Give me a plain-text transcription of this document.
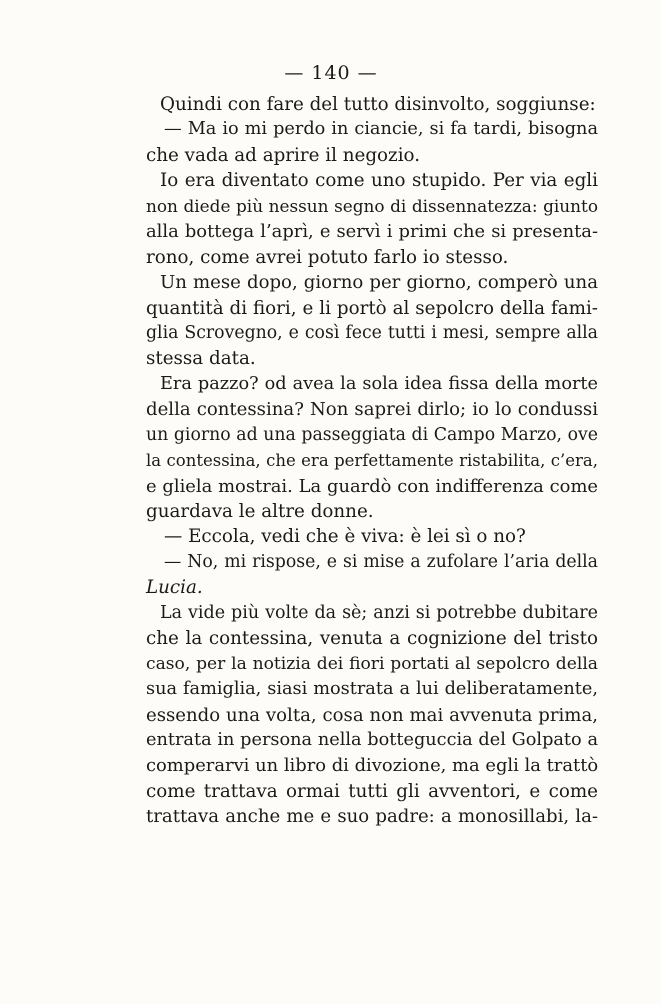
— 140 —
Quindi con fare del tutto disinvolto, soggiunse:
— Ma io mi perdo in ciancie, si fa tardi, bisogna
che vada ad aprire il negozio.
Io era diventato come uno stupido. Per via egli
non diede più nessun segno di dissennatezza: giunto
alla bottega l’aprì, e servì i primi che si presenta-
rono, come avrei potuto farlo io stesso.
Un mese dopo, giorno per giorno, comperò una
quantità di fiori, e li portò al sepolcro della fami-
glia Scrovegno, e così fece tutti i mesi, sempre alla
stessa data.
Era pazzo? od avea la sola idea fissa della morte
della contessina? Non saprei dirlo; io lo condussi
un giorno ad una passeggiata di Campo Marzo, ove
la contessina, che era perfettamente ristabilita, c’era,
e gliela mostrai. La guardò con indifferenza come
guardava le altre donne.
— Eccola, vedi che è viva: è lei sì o no?
— No, mi rispose, e si mise a zufolare l’aria della
Lucia.
La vide più volte da sè; anzi si potrebbe dubitare
che la contessina, venuta a cognizione del tristo
caso, per la notizia dei fiori portati al sepolcro della
sua famiglia, siasi mostrata a lui deliberatamente,
essendo una volta, cosa non mai avvenuta prima,
entrata in persona nella botteguccia del Golpato a
comperarvi un libro di divozione, ma egli la trattò
come trattava ormai tutti gli avventori, e come
trattava anche me e suo padre: a monosillabi, la-
